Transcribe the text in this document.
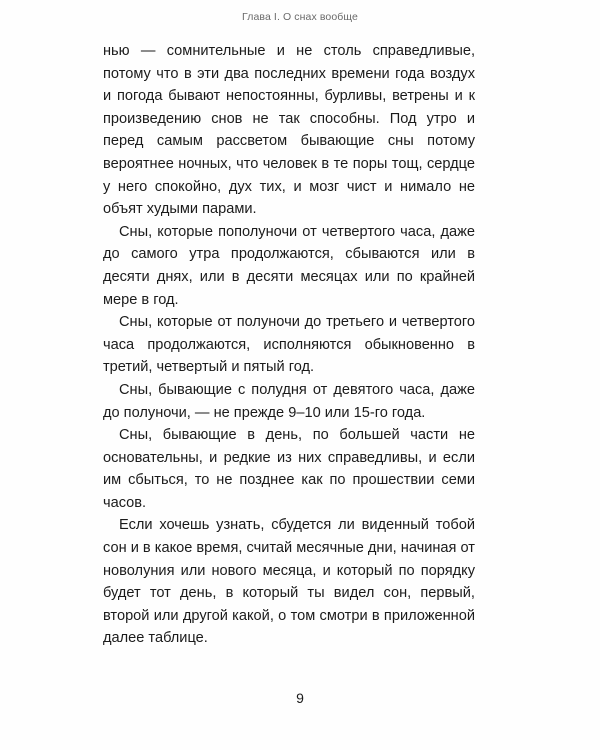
Глава I. О снах вообще

нью — сомнительные и не столь справедливые, потому что в эти два последних времени года воздух и погода бывают непостоянны, бурливы, ветрены и к произведению снов не так способны. Под утро и перед самым рассветом бывающие сны потому вероятнее ночных, что человек в те поры тощ, сердце у него спокойно, дух тих, и мозг чист и нимало не объят худыми парами.

Сны, которые пополуночи от четвертого часа, даже до самого утра продолжаются, сбываются или в десяти днях, или в десяти месяцах или по крайней мере в год.

Сны, которые от полуночи до третьего и четвертого часа продолжаются, исполняются обыкновенно в третий, четвертый и пятый год.

Сны, бывающие с полудня от девятого часа, даже до полуночи, — не прежде 9–10 или 15-го года.

Сны, бывающие в день, по большей части не основательны, и редкие из них справедливы, и если им сбыться, то не позднее как по прошествии семи часов.

Если хочешь узнать, сбудется ли виденный тобой сон и в какое время, считай месячные дни, начиная от новолуния или нового месяца, и который по порядку будет тот день, в который ты видел сон, первый, второй или другой какой, о том смотри в приложенной далее таблице.

9
